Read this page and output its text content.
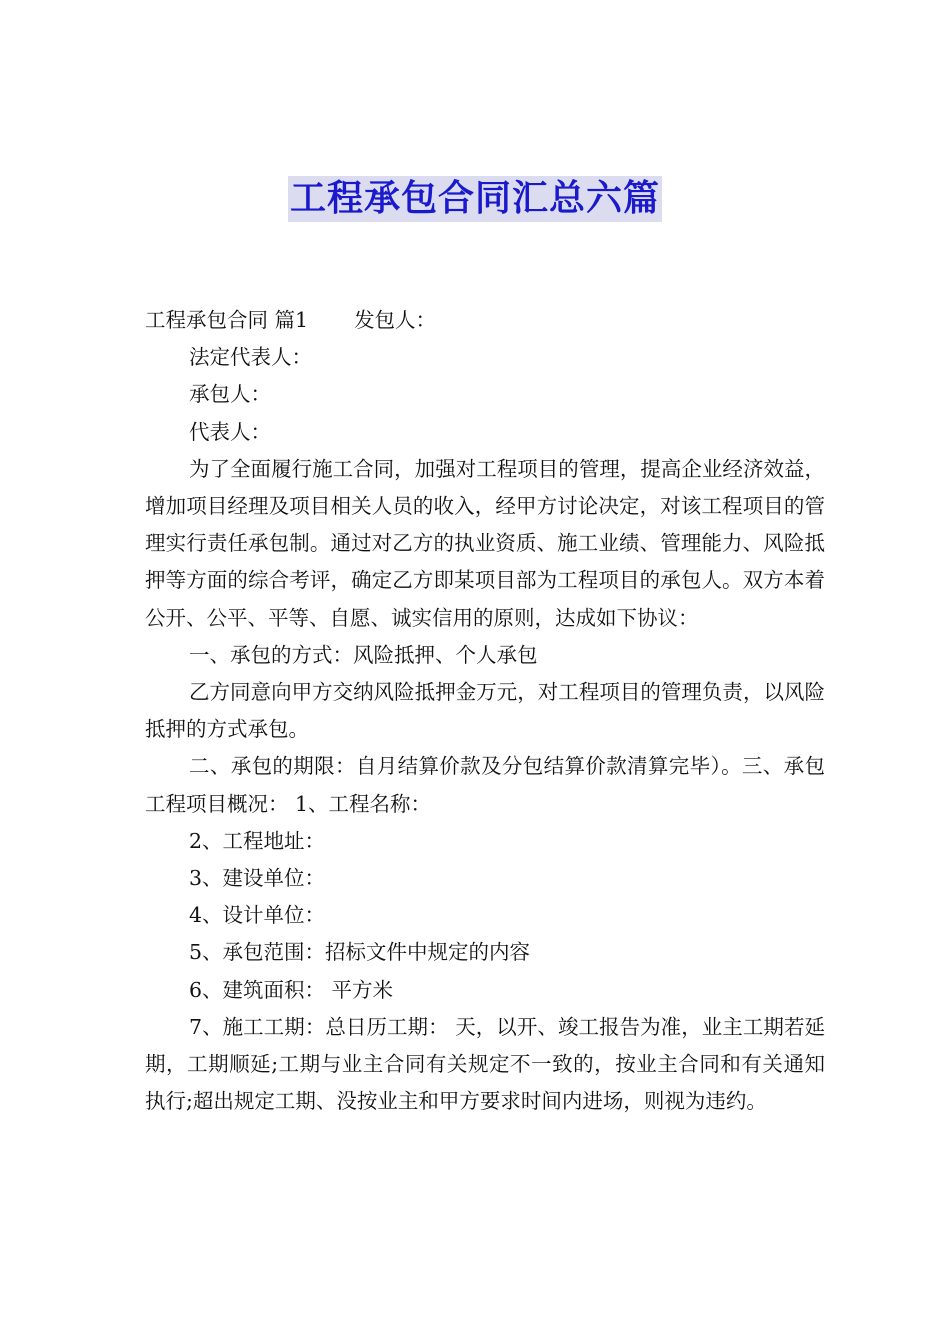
工程承包合同汇总六篇

工程承包合同 篇1 发包人：

法定代表人：

承包人：

代表人：

为了全面履行施工合同，加强对工程项目的管理，提高企业经济效益，增加项目经理及项目相关人员的收入，经甲方讨论决定，对该工程项目的管理实行责任承包制。通过对乙方的执业资质、施工业绩、管理能力、风险抵押等方面的综合考评，确定乙方即某项目部为工程项目的承包人。双方本着公开、公平、平等、自愿、诚实信用的原则，达成如下协议：

一、承包的方式：风险抵押、个人承包

乙方同意向甲方交纳风险抵押金万元，对工程项目的管理负责，以风险抵押的方式承包。

二、承包的期限：自月结算价款及分包结算价款清算完毕）。三、承包工程项目概况： 1、工程名称：

2、工程地址：

3、建设单位：

4、设计单位：

5、承包范围：招标文件中规定的内容

6、建筑面积： 平方米

7、施工工期：总日历工期： 天，以开、竣工报告为准，业主工期若延期，工期顺延;工期与业主合同有关规定不一致的，按业主合同和有关通知执行;超出规定工期、没按业主和甲方要求时间内进场，则视为违约。
